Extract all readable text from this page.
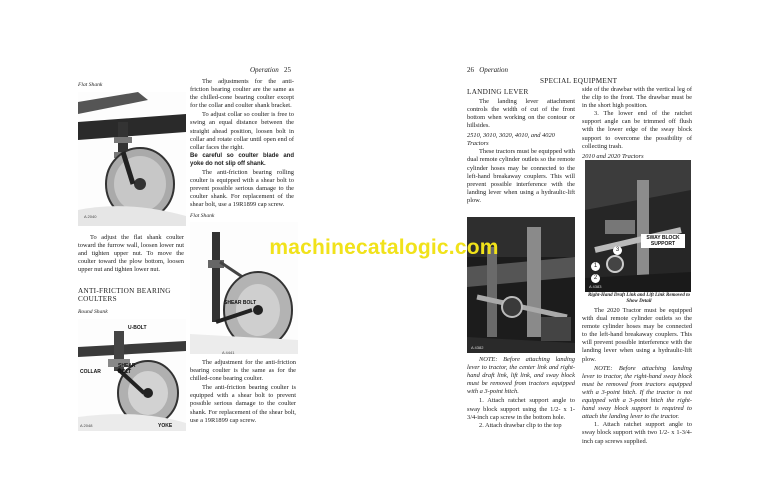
Operation 25
Flat Shank
A 2040

The adjustments for the anti-friction bearing coulter are the same as the chilled-cone bearing coulter except for the collar and coulter shank bracket.

To adjust collar so coulter is free to swing an equal distance between the straight ahead position, loosen bolt in collar and rotate collar until open end of collar faces the right.

Be careful so coulter blade and yoke do not slip off shank.

The anti-friction bearing rolling coulter is equipped with a shear bolt to prevent possible serious damage to the coulter shank. For replacement of the shear bolt, use a 19R1899 cap screw.

Flat Shank
SHEAR BOLT
A 4441

To adjust the flat shank coulter toward the furrow wall, loosen lower nut and tighten upper nut. To move the coulter toward the plow bottom, loosen upper nut and tighten lower nut.

ANTI-FRICTION BEARING
COULTERS
Round Shank
U-BOLT
COLLAR
SHEAR BOLT
YOKE
A 2048

The adjustment for the anti-friction bearing coulter is the same as for the chilled-cone bearing coulter.

The anti-friction bearing coulter is equipped with a shear bolt to prevent possible serious damage to the coulter shank. For replacement of the shear bolt, use a 19R1899 cap screw.

26 Operation
SPECIAL EQUIPMENT
LANDING LEVER

The landing lever attachment controls the width of cut of the front bottom when working on the contour or hillsides.

2510, 3010, 3020, 4010, and 4020
Tractors

These tractors must be equipped with dual remote cylinder outlets so the remote cylinder hoses may be connected to the left-hand breakaway couplers. This will prevent possible interference with the landing lever when using a hydraulic-lift plow.

A 4382

NOTE: Before attaching landing lever to tractor, the center link and right-hand draft link, lift link, and sway block must be removed from tractors equipped with a 3-point hitch.

1. Attach ratchet support angle to sway block support using the 1/2- x 1-3/4-inch cap screw in the bottom hole.

2. Attach drawbar clip to the top

side of the drawbar with the vertical leg of the clip to the front. The drawbar must be in the short high position.

3. The lower end of the ratchet support angle can be trimmed off flush with the lower edge of the sway block support to overcome the possibility of collecting trash.

2010 and 2020 Tractors
SWAY BLOCK SUPPORT
1
2
3
A 4383
Right-Hand Draft Link and Lift Link Removed to Show Detail

The 2020 Tractor must be equipped with dual remote cylinder outlets so the remote cylinder hoses may be connected to the left-hand breakaway couplers. This will prevent possible interference with the landing lever when using a hydraulic-lift plow.

NOTE: Before attaching landing lever to tractor, the right-hand sway block must be removed from tractors equipped with a 3-point hitch. If the tractor is not equipped with a 3-point hitch the right-hand sway block support is required to attach the landing lever to the tractor.

1. Attach ratchet support angle to sway block support with two 1/2- x 1-3/4-inch cap screws supplied.

machinecatalogic.com
